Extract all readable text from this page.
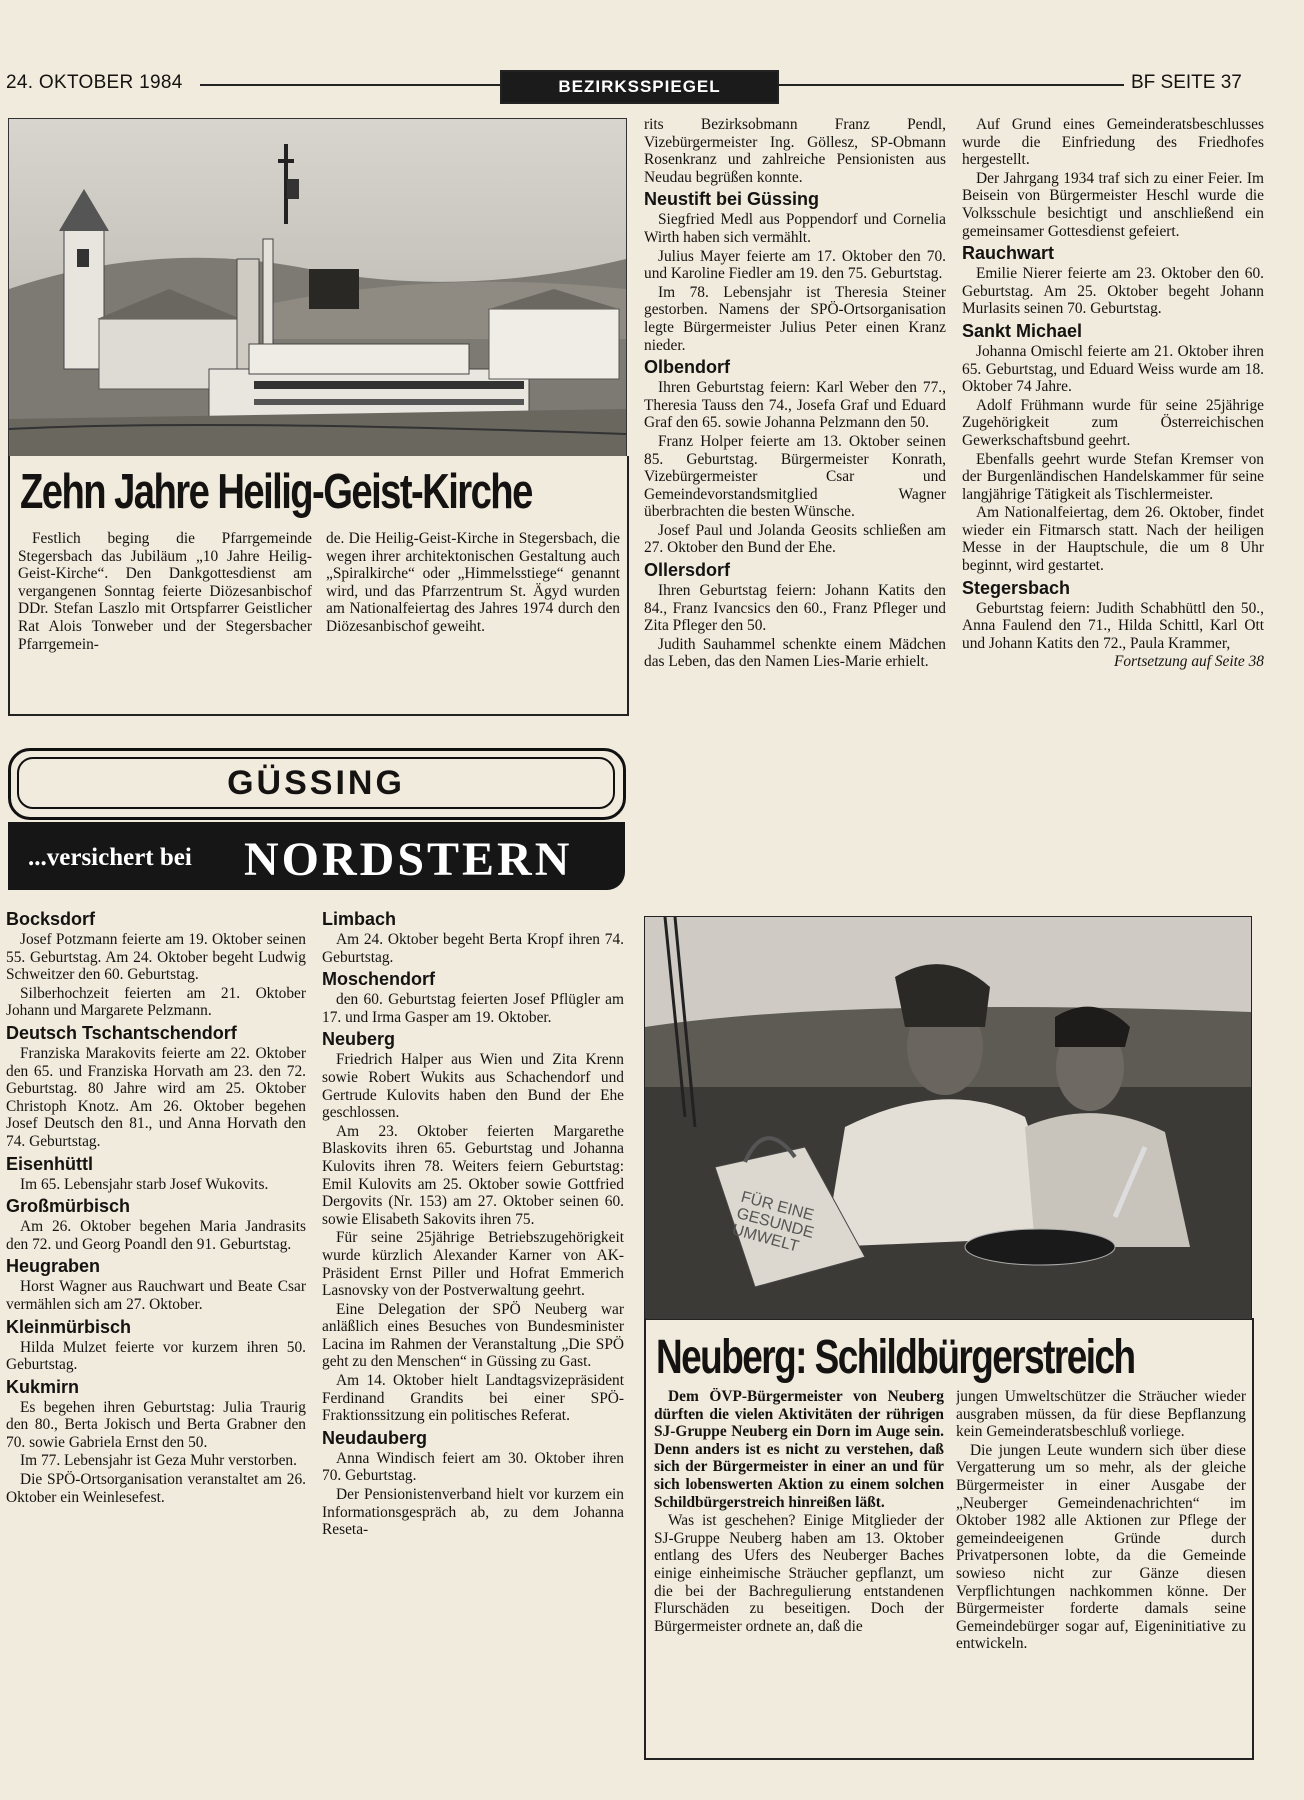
24. OKTOBER 1984	BEZIRKSSPIEGEL	BF SEITE 37
Zehn Jahre Heilig-Geist-Kirche

Festlich beging die Pfarrgemeinde Stegersbach das Jubiläum „10 Jahre Heilig-Geist-Kirche“. Den Dankgottesdienst am vergangenen Sonntag feierte Diözesanbischof DDr. Stefan Laszlo mit Ortspfarrer Geistlicher Rat Alois Tonweber und der Stegersbacher Pfarrgemein-

de. Die Heilig-Geist-Kirche in Stegersbach, die wegen ihrer architektonischen Gestaltung auch „Spiralkirche“ oder „Himmelsstiege“ genannt wird, und das Pfarrzentrum St. Ägyd wurden am Nationalfeiertag des Jahres 1974 durch den Diözesanbischof geweiht.

GÜSSING
...versichert bei NORDSTERN

rits Bezirksobmann Franz Pendl, Vizebürgermeister Ing. Göllesz, SP-Obmann Rosenkranz und zahlreiche Pensionisten aus Neudau begrüßen konnte.

Neustift bei Güssing

Siegfried Medl aus Poppendorf und Cornelia Wirth haben sich vermählt.

Julius Mayer feierte am 17. Oktober den 70. und Karoline Fiedler am 19. den 75. Geburtstag.

Im 78. Lebensjahr ist Theresia Steiner gestorben. Namens der SPÖ-Ortsorganisation legte Bürgermeister Julius Peter einen Kranz nieder.

Olbendorf

Ihren Geburtstag feiern: Karl Weber den 77., Theresia Tauss den 74., Josefa Graf und Eduard Graf den 65. sowie Johanna Pelzmann den 50.

Franz Holper feierte am 13. Oktober seinen 85. Geburtstag. Bürgermeister Konrath, Vizebürgermeister Csar und Gemeindevorstandsmitglied Wagner überbrachten die besten Wünsche.

Josef Paul und Jolanda Geosits schließen am 27. Oktober den Bund der Ehe.

Ollersdorf

Ihren Geburtstag feiern: Johann Katits den 84., Franz Ivancsics den 60., Franz Pfleger und Zita Pfleger den 50.

Judith Sauhammel schenkte einem Mädchen das Leben, das den Namen Lies-Marie erhielt.

Auf Grund eines Gemeinderatsbeschlusses wurde die Einfriedung des Friedhofes hergestellt.

Der Jahrgang 1934 traf sich zu einer Feier. Im Beisein von Bürgermeister Heschl wurde die Volksschule besichtigt und anschließend ein gemeinsamer Gottesdienst gefeiert.

Rauchwart

Emilie Nierer feierte am 23. Oktober den 60. Geburtstag. Am 25. Oktober begeht Johann Murlasits seinen 70. Geburtstag.

Sankt Michael

Johanna Omischl feierte am 21. Oktober ihren 65. Geburtstag, und Eduard Weiss wurde am 18. Oktober 74 Jahre.

Adolf Frühmann wurde für seine 25jährige Zugehörigkeit zum Österreichischen Gewerkschaftsbund geehrt.

Ebenfalls geehrt wurde Stefan Kremser von der Burgenländischen Handelskammer für seine langjährige Tätigkeit als Tischlermeister.

Am Nationalfeiertag, dem 26. Oktober, findet wieder ein Fitmarsch statt. Nach der heiligen Messe in der Hauptschule, die um 8 Uhr beginnt, wird gestartet.

Stegersbach

Geburtstag feiern: Judith Schabhüttl den 50., Anna Faulend den 71., Hilda Schittl, Karl Ott und Johann Katits den 72., Paula Krammer,

Fortsetzung auf Seite 38

Bocksdorf

Josef Potzmann feierte am 19. Oktober seinen 55. Geburtstag. Am 24. Oktober begeht Ludwig Schweitzer den 60. Geburtstag.

Silberhochzeit feierten am 21. Oktober Johann und Margarete Pelzmann.

Deutsch Tschantschendorf

Franziska Marakovits feierte am 22. Oktober den 65. und Franziska Horvath am 23. den 72. Geburtstag. 80 Jahre wird am 25. Oktober Christoph Knotz. Am 26. Oktober begehen Josef Deutsch den 81., und Anna Horvath den 74. Geburtstag.

Eisenhüttl

Im 65. Lebensjahr starb Josef Wukovits.

Großmürbisch

Am 26. Oktober begehen Maria Jandrasits den 72. und Georg Poandl den 91. Geburtstag.

Heugraben

Horst Wagner aus Rauchwart und Beate Csar vermählen sich am 27. Oktober.

Kleinmürbisch

Hilda Mulzet feierte vor kurzem ihren 50. Geburtstag.

Kukmirn

Es begehen ihren Geburtstag: Julia Traurig den 80., Berta Jokisch und Berta Grabner den 70. sowie Gabriela Ernst den 50.

Im 77. Lebensjahr ist Geza Muhr verstorben.

Die SPÖ-Ortsorganisation veranstaltet am 26. Oktober ein Weinlesefest.

Limbach

Am 24. Oktober begeht Berta Kropf ihren 74. Geburtstag.

Moschendorf

den 60. Geburtstag feierten Josef Pflügler am 17. und Irma Gasper am 19. Oktober.

Neuberg

Friedrich Halper aus Wien und Zita Krenn sowie Robert Wukits aus Schachendorf und Gertrude Kulovits haben den Bund der Ehe geschlossen.

Am 23. Oktober feierten Margarethe Blaskovits ihren 65. Geburtstag und Johanna Kulovits ihren 78. Weiters feiern Geburtstag: Emil Kulovits am 25. Oktober sowie Gottfried Dergovits (Nr. 153) am 27. Oktober seinen 60. sowie Elisabeth Sakovits ihren 75.

Für seine 25jährige Betriebszugehörigkeit wurde kürzlich Alexander Karner von AK-Präsident Ernst Piller und Hofrat Emmerich Lasnovsky von der Postverwaltung geehrt.

Eine Delegation der SPÖ Neuberg war anläßlich eines Besuches von Bundesminister Lacina im Rahmen der Veranstaltung „Die SPÖ geht zu den Menschen“ in Güssing zu Gast.

Am 14. Oktober hielt Landtagsvizepräsident Ferdinand Grandits bei einer SPÖ-Fraktionssitzung ein politisches Referat.

Neudauberg

Anna Windisch feiert am 30. Oktober ihren 70. Geburtstag.

Der Pensionistenverband hielt vor kurzem ein Informationsgespräch ab, zu dem Johanna Reseta-

FÜR EINE GESUNDE UMWELT
Neuberg: Schildbürgerstreich

Dem ÖVP-Bürgermeister von Neuberg dürften die vielen Aktivitäten der rührigen SJ-Gruppe Neuberg ein Dorn im Auge sein. Denn anders ist es nicht zu verstehen, daß sich der Bürgermeister in einer an und für sich lobenswerten Aktion zu einem solchen Schildbürgerstreich hinreißen läßt.

Was ist geschehen? Einige Mitglieder der SJ-Gruppe Neuberg haben am 13. Oktober entlang des Ufers des Neuberger Baches einige einheimische Sträucher gepflanzt, um die bei der Bachregulierung entstandenen Flurschäden zu beseitigen. Doch der Bürgermeister ordnete an, daß die

jungen Umweltschützer die Sträucher wieder ausgraben müssen, da für diese Bepflanzung kein Gemeinderatsbeschluß vorliege.

Die jungen Leute wundern sich über diese Vergatterung um so mehr, als der gleiche Bürgermeister in einer Ausgabe der „Neuberger Gemeindenachrichten“ im Oktober 1982 alle Aktionen zur Pflege der gemeindeeigenen Gründe durch Privatpersonen lobte, da die Gemeinde sowieso nicht zur Gänze diesen Verpflichtungen nachkommen könne. Der Bürgermeister forderte damals seine Gemeindebürger sogar auf, Eigeninitiative zu entwickeln.
